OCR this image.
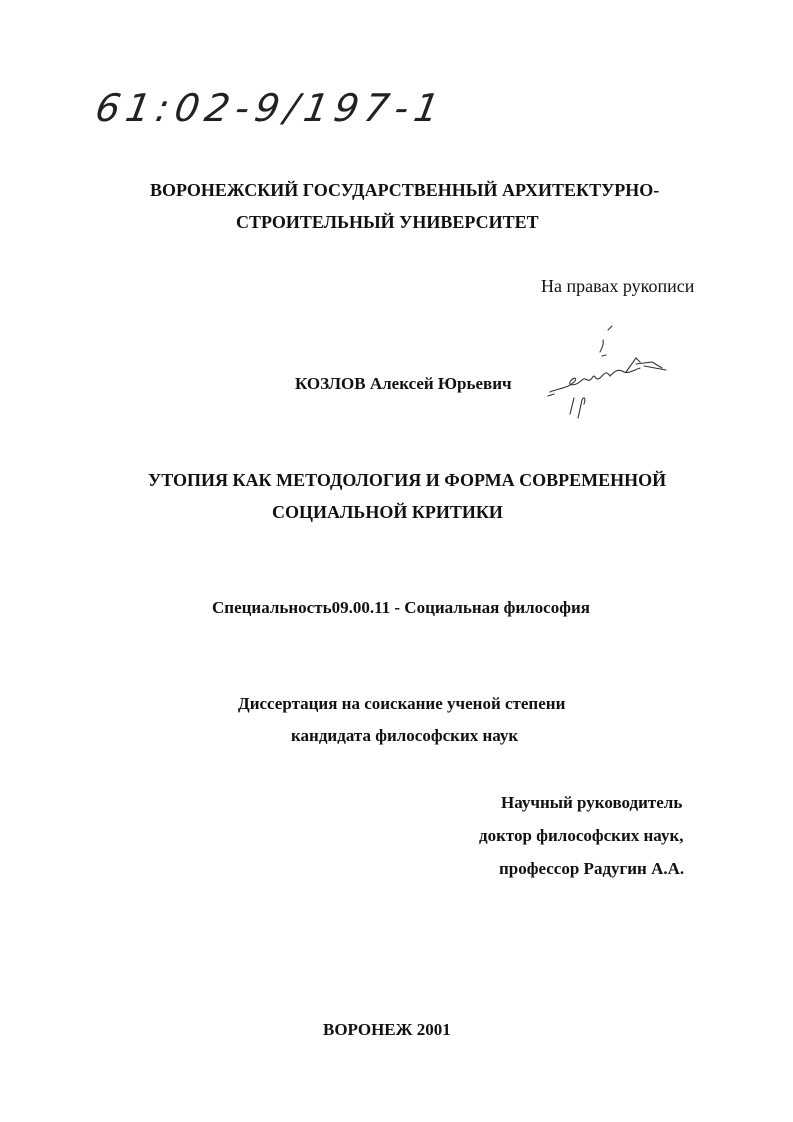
61:02-9/197-1
ВОРОНЕЖСКИЙ ГОСУДАРСТВЕННЫЙ АРХИТЕКТУРНО-
СТРОИТЕЛЬНЫЙ УНИВЕРСИТЕТ
На правах рукописи
КОЗЛОВ Алексей Юрьевич
УТОПИЯ КАК МЕТОДОЛОГИЯ И ФОРМА СОВРЕМЕННОЙ
СОЦИАЛЬНОЙ КРИТИКИ
Специальность09.00.11 - Социальная философия
Диссертация на соискание ученой степени
кандидата философских наук
Научный руководитель
доктор философских наук,
профессор Радугин А.А.
ВОРОНЕЖ 2001
